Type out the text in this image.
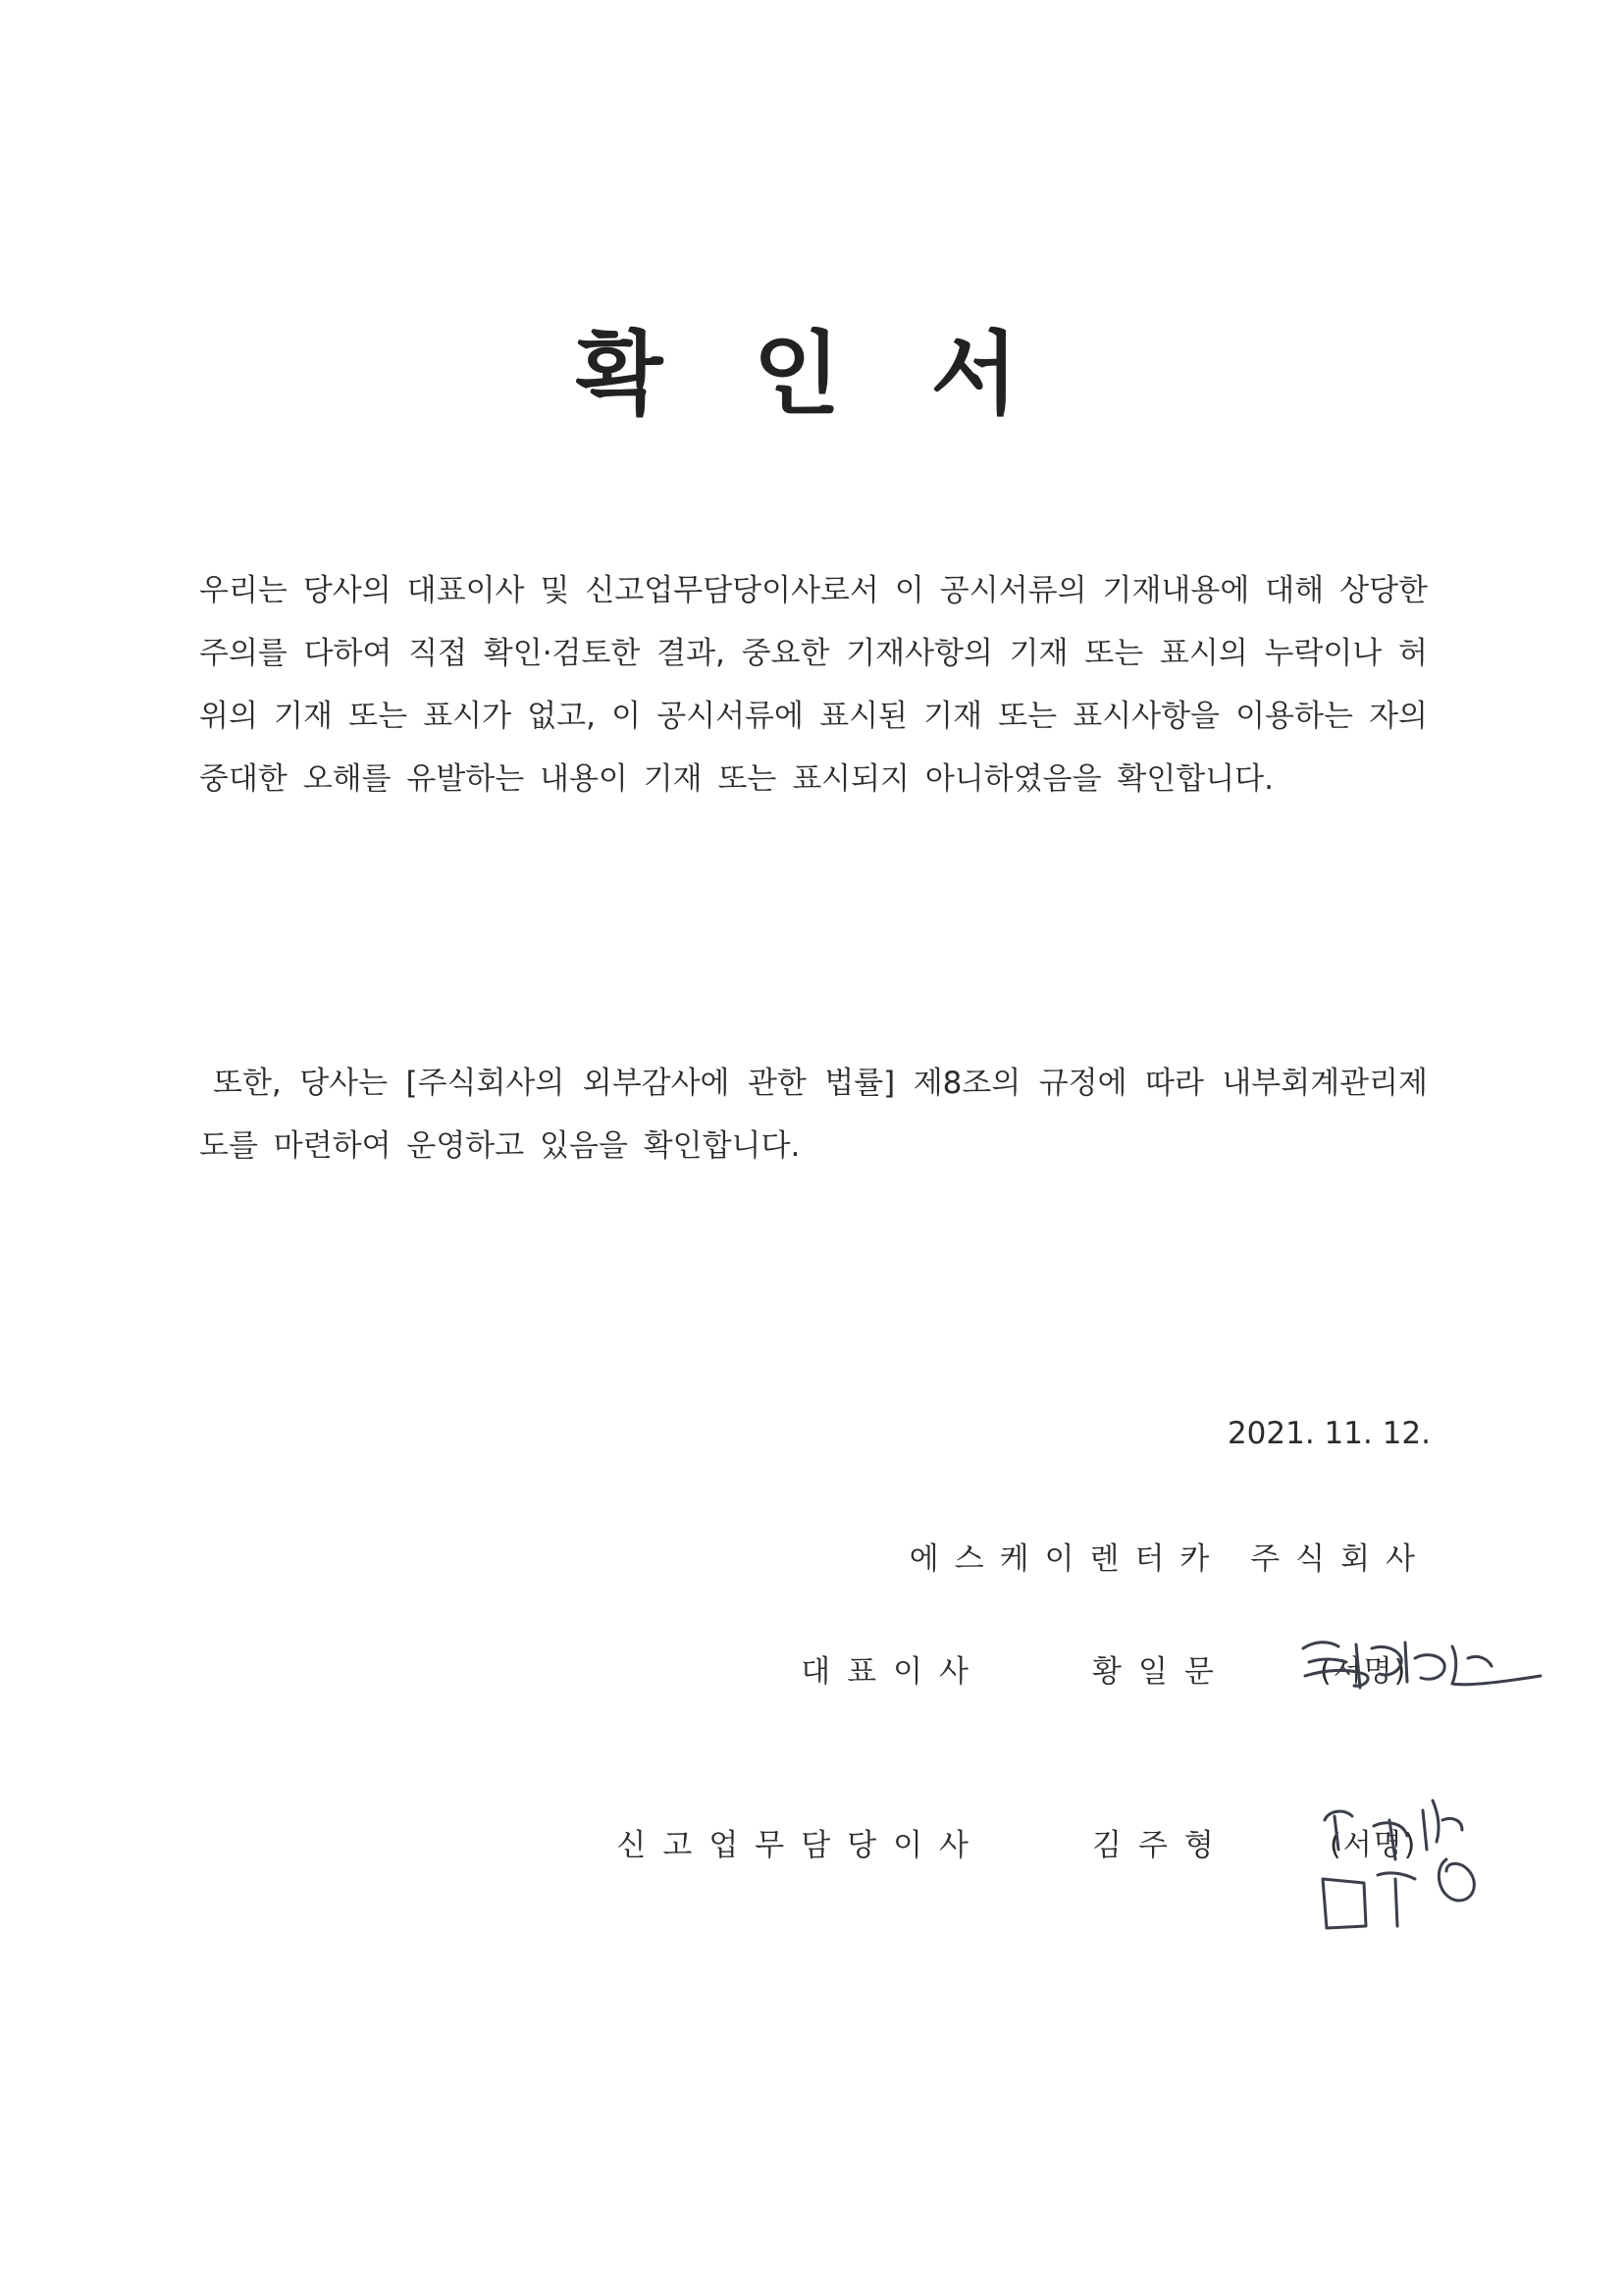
확 인 서
우리는 당사의 대표이사 및 신고업무담당이사로서 이 공시서류의 기재내용에 대해 상당한 주의를 다하여 직접 확인·검토한 결과, 중요한 기재사항의 기재 또는 표시의 누락이나 허위의 기재 또는 표시가 없고, 이 공시서류에 표시된 기재 또는 표시사항을 이용하는 자의 중대한 오해를 유발하는 내용이 기재 또는 표시되지 아니하였음을 확인합니다.
또한, 당사는 [주식회사의 외부감사에 관한 법률] 제8조의 규정에 따라 내부회계관리제도를 마련하여 운영하고 있음을 확인합니다.
2021. 11. 12.
에스케이렌터카 주식회사
대표이사	황일문	(서명)
신고업무담당이사	김주형	(서명)
